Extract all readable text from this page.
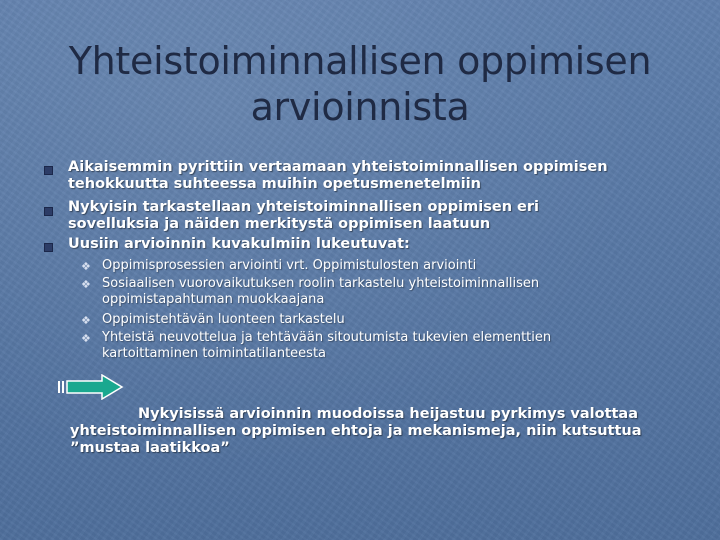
Yhteistoiminnallisen oppimisen
arvioinnista
Aikaisemmin pyrittiin vertaamaan yhteistoiminnallisen oppimisen
tehokkuutta suhteessa muihin opetusmenetelmiin
Nykyisin tarkastellaan yhteistoiminnallisen oppimisen eri
sovelluksia ja näiden merkitystä oppimisen laatuun
Uusiin arvioinnin kuvakulmiin lukeutuvat:
❖ Oppimisprosessien arviointi vrt. Oppimistulosten arviointi
❖ Sosiaalisen vuorovaikutuksen roolin tarkastelu yhteistoiminnallisen
oppimistapahtuman muokkaajana
❖ Oppimistehtävän luonteen tarkastelu
❖ Yhteistä neuvottelua ja tehtävään sitoutumista tukevien elementtien
kartoittaminen toimintatilanteesta
Nykyisissä arvioinnin muodoissa heijastuu pyrkimys valottaa yhteistoiminnallisen oppimisen ehtoja ja mekanismeja, niin kutsuttua ”mustaa laatikkoa”
